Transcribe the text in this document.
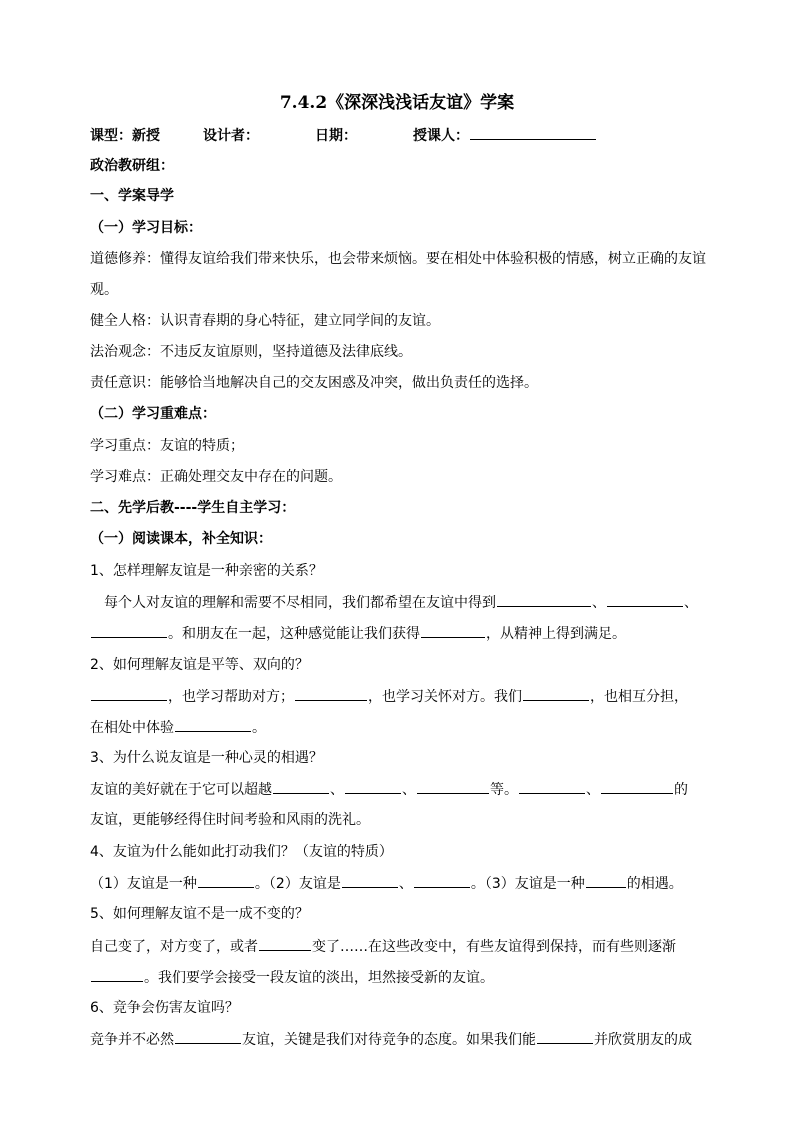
7.4.2《深深浅浅话友谊》学案
课型：新授	设计者：	日期：	授课人：
政治教研组：
一、学案导学
（一）学习目标：
道德修养：懂得友谊给我们带来快乐，也会带来烦恼。要在相处中体验积极的情感，树立正确的友谊
观。
健全人格：认识青春期的身心特征，建立同学间的友谊。
法治观念：不违反友谊原则，坚持道德及法律底线。
责任意识：能够恰当地解决自己的交友困惑及冲突，做出负责任的选择。
（二）学习重难点：
学习重点：友谊的特质；
学习难点：正确处理交友中存在的问题。
二、先学后教----学生自主学习：
（一）阅读课本，补全知识：
1、怎样理解友谊是一种亲密的关系？
每个人对友谊的理解和需要不尽相同，我们都希望在友谊中得到	、	、
。和朋友在一起，这种感觉能让我们获得	，从精神上得到满足。
2、如何理解友谊是平等、双向的？
，也学习帮助对方；	，也学习关怀对方。我们	，也相互分担，
在相处中体验	。
3、为什么说友谊是一种心灵的相遇？
友谊的美好就在于它可以超越	、	、	等。	、	的
友谊，更能够经得住时间考验和风雨的洗礼。
4、友谊为什么能如此打动我们？（友谊的特质）
（1）友谊是一种	。（2）友谊是	、	。（3）友谊是一种	的相遇。
5、如何理解友谊不是一成不变的？
自己变了，对方变了，或者	变了……在这些改变中，有些友谊得到保持，而有些则逐渐
。我们要学会接受一段友谊的淡出，坦然接受新的友谊。
6、竞争会伤害友谊吗？
竞争并不必然	友谊，关键是我们对待竞争的态度。如果我们能	并欣赏朋友的成
